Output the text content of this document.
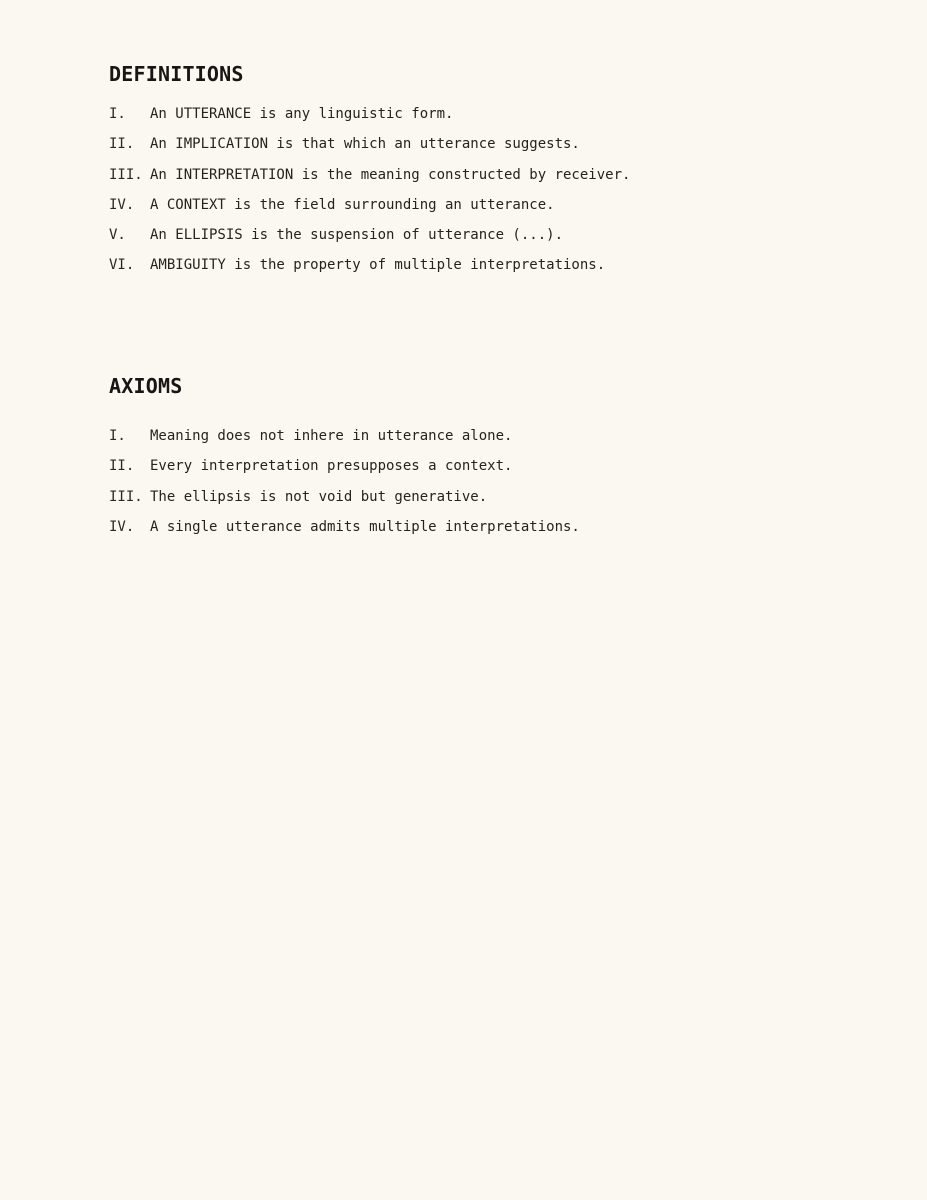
DEFINITIONS
I.	An UTTERANCE is any linguistic form.
II.	An IMPLICATION is that which an utterance suggests.
III. An INTERPRETATION is the meaning constructed by receiver.
IV.	A CONTEXT is the field surrounding an utterance.
V.	An ELLIPSIS is the suspension of utterance (...).
VI.	AMBIGUITY is the property of multiple interpretations.
AXIOMS
I.	Meaning does not inhere in utterance alone.
II.	Every interpretation presupposes a context.
III. The ellipsis is not void but generative.
IV.	A single utterance admits multiple interpretations.
